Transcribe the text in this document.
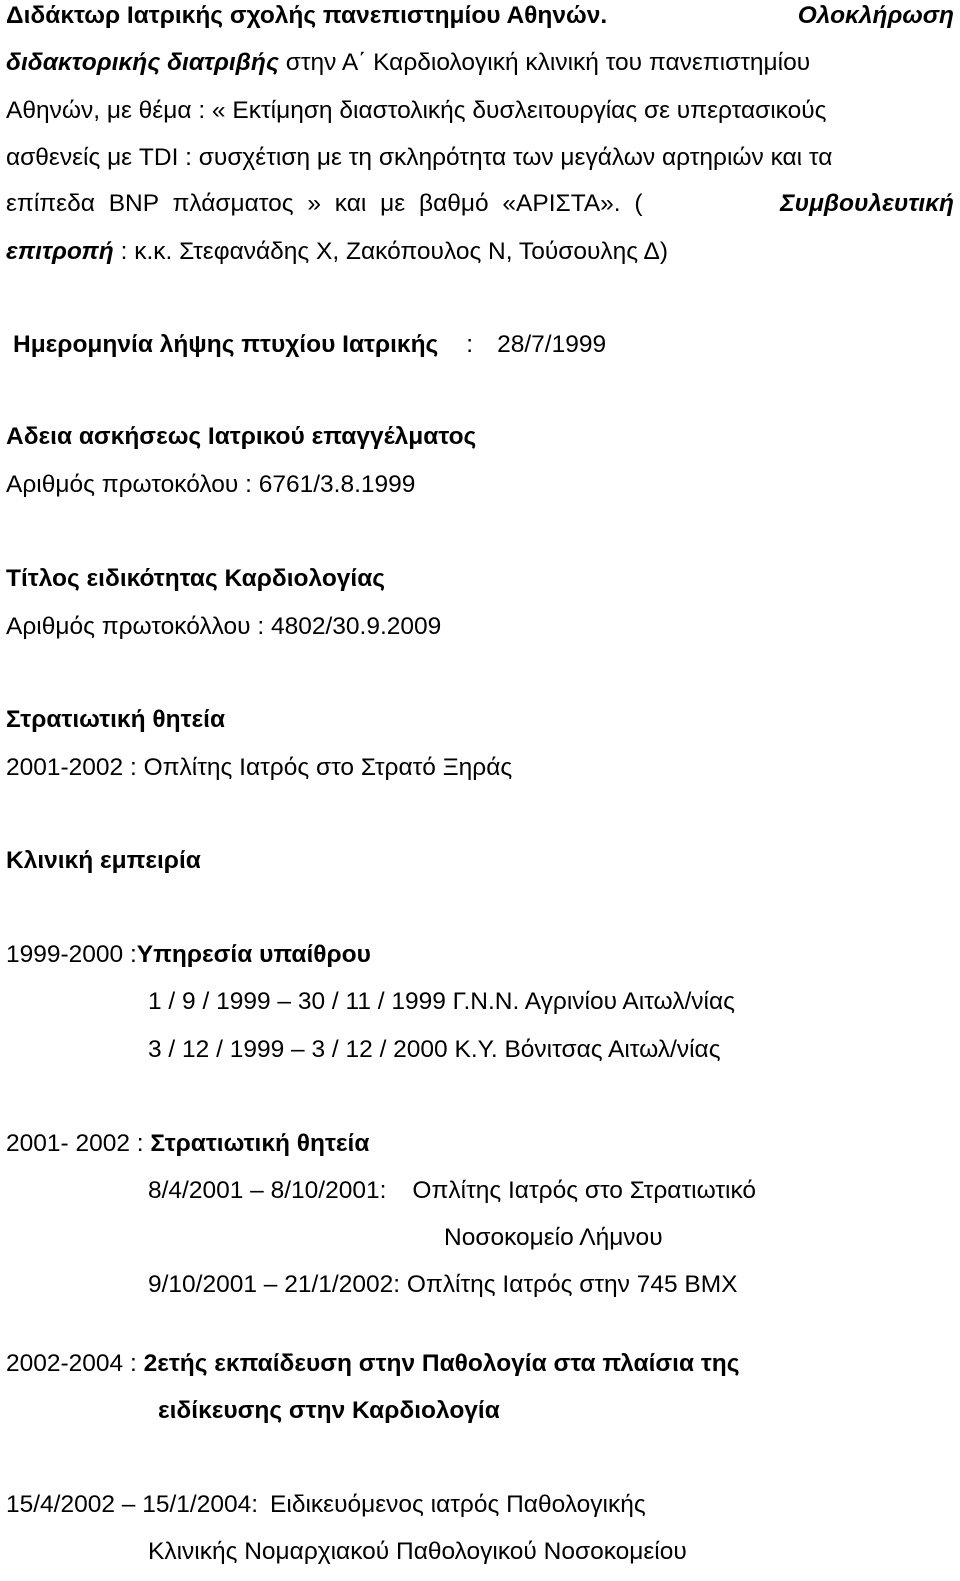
Διδάκτωρ Ιατρικής σχολής πανεπιστημίου Αθηνών.	Ολοκλήρωση
διδακτορικής διατριβής στην Α΄ Καρδιολογική κλινική του πανεπιστημίου
Αθηνών, με θέμα : « Εκτίμηση διαστολικής δυσλειτουργίας σε υπερτασικούς
ασθενείς με TDI : συσχέτιση με τη σκληρότητα των μεγάλων αρτηριών και τα
επίπεδα BNP πλάσματος » και με βαθμό «ΑΡΙΣΤΑ». (	Συμβουλευτική
επιτροπή : κ.κ. Στεφανάδης Χ, Ζακόπουλος Ν, Τούσουλης Δ)
Ημερομηνία λήψης πτυχίου Ιατρικής : 28/7/1999
Αδεια ασκήσεως Ιατρικού επαγγέλματος
Αριθμός πρωτοκόλου : 6761/3.8.1999
Τίτλος ειδικότητας Καρδιολογίας
Αριθμός πρωτοκόλλου : 4802/30.9.2009
Στρατιωτική θητεία
2001-2002 : Οπλίτης Ιατρός στο Στρατό Ξηράς
Κλινική εμπειρία
1999-2000 :Υπηρεσία υπαίθρου
1 / 9 / 1999 – 30 / 11 / 1999 Γ.Ν.Ν. Αγρινίου Αιτωλ/νίας
3 / 12 / 1999 – 3 / 12 / 2000 Κ.Υ. Βόνιτσας Αιτωλ/νίας
2001- 2002 : Στρατιωτική θητεία
8/4/2001 – 8/10/2001: Οπλίτης Ιατρός στο Στρατιωτικό
Νοσοκομείο Λήμνου
9/10/2001 – 21/1/2002: Οπλίτης Ιατρός στην 745 ΒΜΧ
2002-2004 : 2ετής εκπαίδευση στην Παθολογία στα πλαίσια της
ειδίκευσης στην Καρδιολογία
15/4/2002 – 15/1/2004: Ειδικευόμενος ιατρός Παθολογικής
Κλινικής Νομαρχιακού Παθολογικού Νοσοκομείου
